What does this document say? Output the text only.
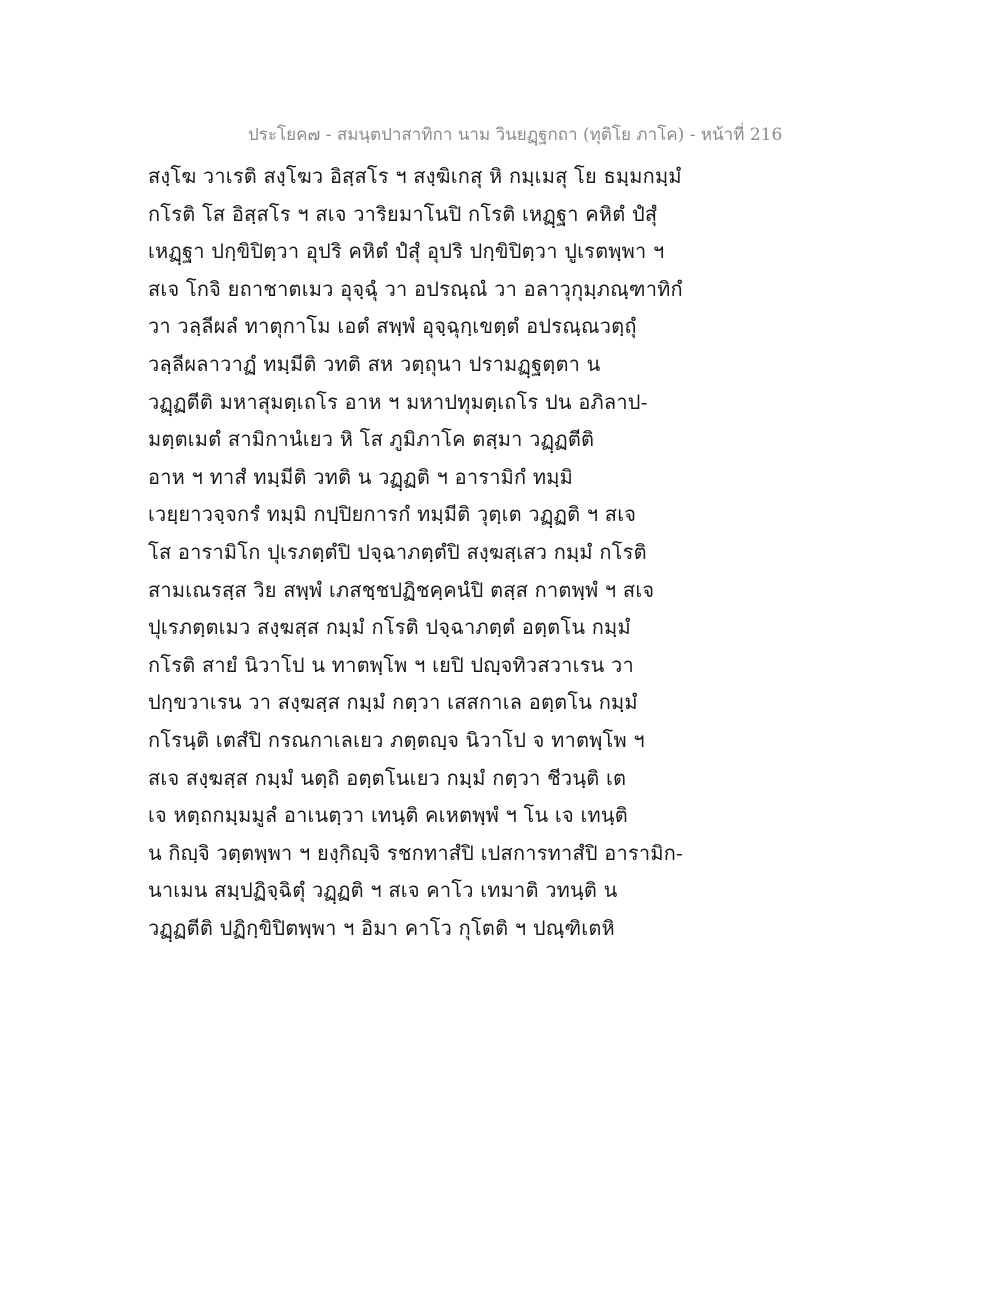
ประโยค๗ - สมนฺตปาสาทิกา นาม วินยฏฺฐกถา (ทุติโย ภาโค) - หน้าที่ 216
สงฺโฆ วาเรติ สงฺโฆว อิสฺสโร ฯ สงฺฆิเกสุ หิ กมฺเมสุ โย ธมฺมกมฺมํ
กโรติ โส อิสฺสโร ฯ สเจ วาริยมาโนปิ กโรติ เหฏฺฐา คหิตํ ปํสุํ
เหฏฺฐา ปกฺขิปิตฺวา อุปริ คหิตํ ปํสุํ อุปริ ปกฺขิปิตฺวา ปูเรตพฺพา ฯ
สเจ โกจิ ยถาชาตเมว อุจฺฉุํ วา อปรณฺณํ วา อลาวุกุมฺภณฺฑาทิกํ
วา วลฺลีผลํ ทาตุกาโม เอตํ สพฺพํ อุจฺฉุกฺเขตฺตํ อปรณฺณวตฺถุํ
วลฺลีผลาวาฏํ ทมฺมีติ วทติ สห วตฺถุนา ปรามฏฺฐตฺตา น
วฏฺฏตีติ มหาสุมตฺเถโร อาห ฯ มหาปทุมตฺเถโร ปน อภิลาป-
มตฺตเมตํ สามิกานํเยว หิ โส ภูมิภาโค ตสฺมา วฏฺฏตีติ
อาห ฯ ทาสํ ทมฺมีติ วทติ น วฏฺฏติ ฯ อารามิกํ ทมฺมิ
เวยฺยาวจฺจกรํ ทมฺมิ กปฺปิยการกํ ทมฺมีติ วุตฺเต วฏฺฏติ ฯ สเจ
โส อารามิโก ปุเรภตฺตํปิ ปจฺฉาภตฺตํปิ สงฺฆสฺเสว กมฺมํ กโรติ
สามเณรสฺส วิย สพฺพํ เภสชฺชปฏิชคฺคนํปิ ตสฺส กาตพฺพํ ฯ สเจ
ปุเรภตฺตเมว สงฺฆสฺส กมฺมํ กโรติ ปจฺฉาภตฺตํ อตฺตโน กมฺมํ
กโรติ สายํ นิวาโป น ทาตพฺโพ ฯ เยปิ ปญฺจทิวสวาเรน วา
ปกฺขวาเรน วา สงฺฆสฺส กมฺมํ กตฺวา เสสกาเล อตฺตโน กมฺมํ
กโรนฺติ เตสํปิ กรณกาเลเยว ภตฺตญฺจ นิวาโป จ ทาตพฺโพ ฯ
สเจ สงฺฆสฺส กมฺมํ นตฺถิ อตฺตโนเยว กมฺมํ กตฺวา ชีวนฺติ เต
เจ หตฺถกมฺมมูลํ อาเนตฺวา เทนฺติ คเหตพฺพํ ฯ โน เจ เทนฺติ
น กิญฺจิ วตฺตพฺพา ฯ ยงฺกิญฺจิ รชกทาสํปิ เปสการทาสํปิ อารามิก-
นาเมน สมฺปฏิจฺฉิตุํ วฏฺฏติ ฯ สเจ คาโว เทมาติ วทนฺติ น
วฏฺฏตีติ ปฏิกฺขิปิตพฺพา ฯ อิมา คาโว กุโตติ ฯ ปณฺฑิเตหิ
